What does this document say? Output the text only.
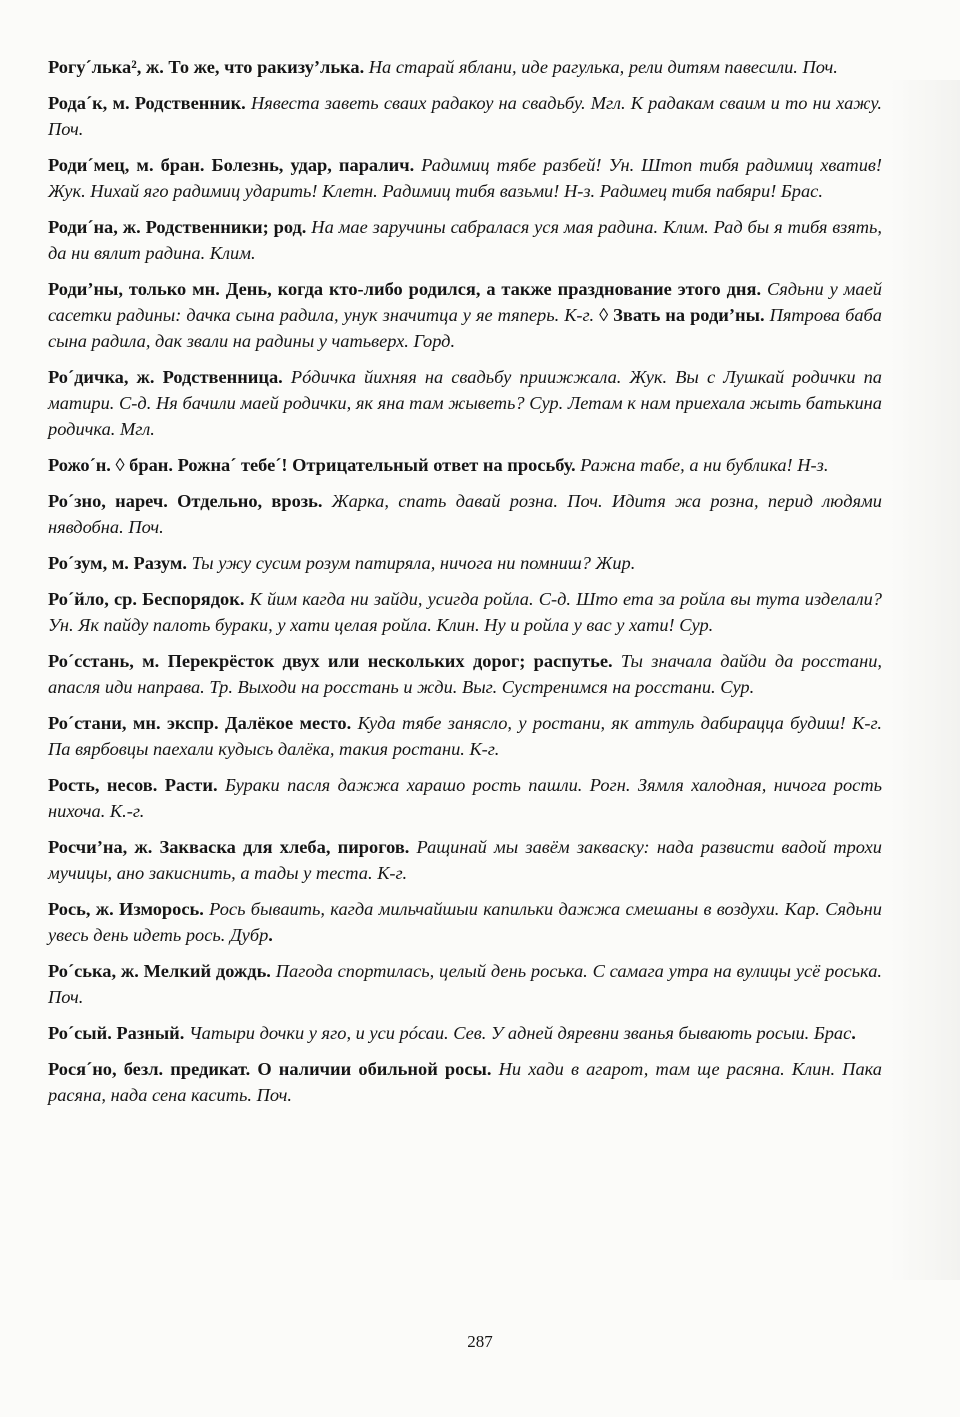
Рогу´лька², ж. То же, что ракизу’лька. На старай яблани, иде рагулька, рели дитям павесили. Поч.

Рода´к, м. Родственник. Нявеста заветь сваих радакоу на свадьбу. Мгл. К радакам сваим и то ни хажу. Поч.

Роди´мец, м. бран. Болезнь, удар, паралич. Радимиц тябе разбей! Ун. Штоп тибя радимиц хватив! Жук. Нихай яго радимиц ударить! Клетн. Радимиц тибя вазьми! Н-з. Радимец тибя пабяри! Брас.

Роди´на, ж. Родственники; род. На мае заручины сабралася уся мая радина. Клим. Рад бы я тибя взять, да ни вялит радина. Клим.

Роди’ны, только мн. День, когда кто-либо родился, а также празднование этого дня. Сядьни у маей сасетки радины: дачка сына радила, унук значитца у яе тяперь. К-г. ◊ Звать на роди’ны. Пятрова баба сына радила, дак звали на радины у чатьверх. Горд.

Ро´дичка, ж. Родственница. Рóдичка йихняя на свадьбу приижжала. Жук. Вы с Лушкай родички па матири. С-д. Ня бачили маей родички, як яна там жыветь? Сур. Летам к нам приехала жыть батькина родичка. Мгл.

Рожо´н. ◊ бран. Рожна´ тебе´! Отрицательный ответ на просьбу. Ражна табе, а ни бублика! Н-з.

Ро´зно, нареч. Отдельно, врозь. Жарка, спать давай розна. Поч. Идитя жа розна, перид людями нявдобна. Поч.

Ро´зум, м. Разум. Ты ужу сусим розум патиряла, ничога ни помниш? Жир.

Ро´йло, ср. Беспорядок. К йим кагда ни зайди, усигда ройла. С-д. Што ета за ройла вы тута изделали? Ун. Як пайду палоть бураки, у хати целая ройла. Клин. Ну и ройла у вас у хати! Сур.

Ро´сстань, м. Перекрёсток двух или нескольких дорог; распутье. Ты значала дайди да росстани, апасля иди направа. Тр. Выходи на росстань и жди. Выг. Сустренимся на росстани. Сур.

Ро´стани, мн. экспр. Далёкое место. Куда тябе занясло, у ростани, як аттуль дабирацца будиш! К-г. Па вярбовцы паехали кудысь далёка, такия ростани. К-г.

Рость, несов. Расти. Бураки пасля дажжа харашо рость пашли. Рогн. Зямля халодная, ничога рость нихоча. К.-г.

Росчи’на, ж. Закваска для хлеба, пирогов. Ращинай мы завём закваску: нада развисти вадой трохи мучицы, ано закиснить, а тады у теста. К-г.

Рось, ж. Изморось. Рось бываить, кагда мильчайшыи капильки дажжа смешаны в воздухи. Кар. Сядьни увесь день идеть рось. Дубр.

Ро´ська, ж. Мелкий дождь. Пагода спортилась, целый день роська. С самага утра на вулицы усё роська. Поч.

Ро´сый. Разный. Чатыри дочки у яго, и уси рóсаи. Сев. У адней дяревни званья бывають росыи. Брас.

Рося´но, безл. предикат. О наличии обильной росы. Ни хади в агарот, там ще расяна. Клин. Пака расяна, нада сена касить. Поч.

287
